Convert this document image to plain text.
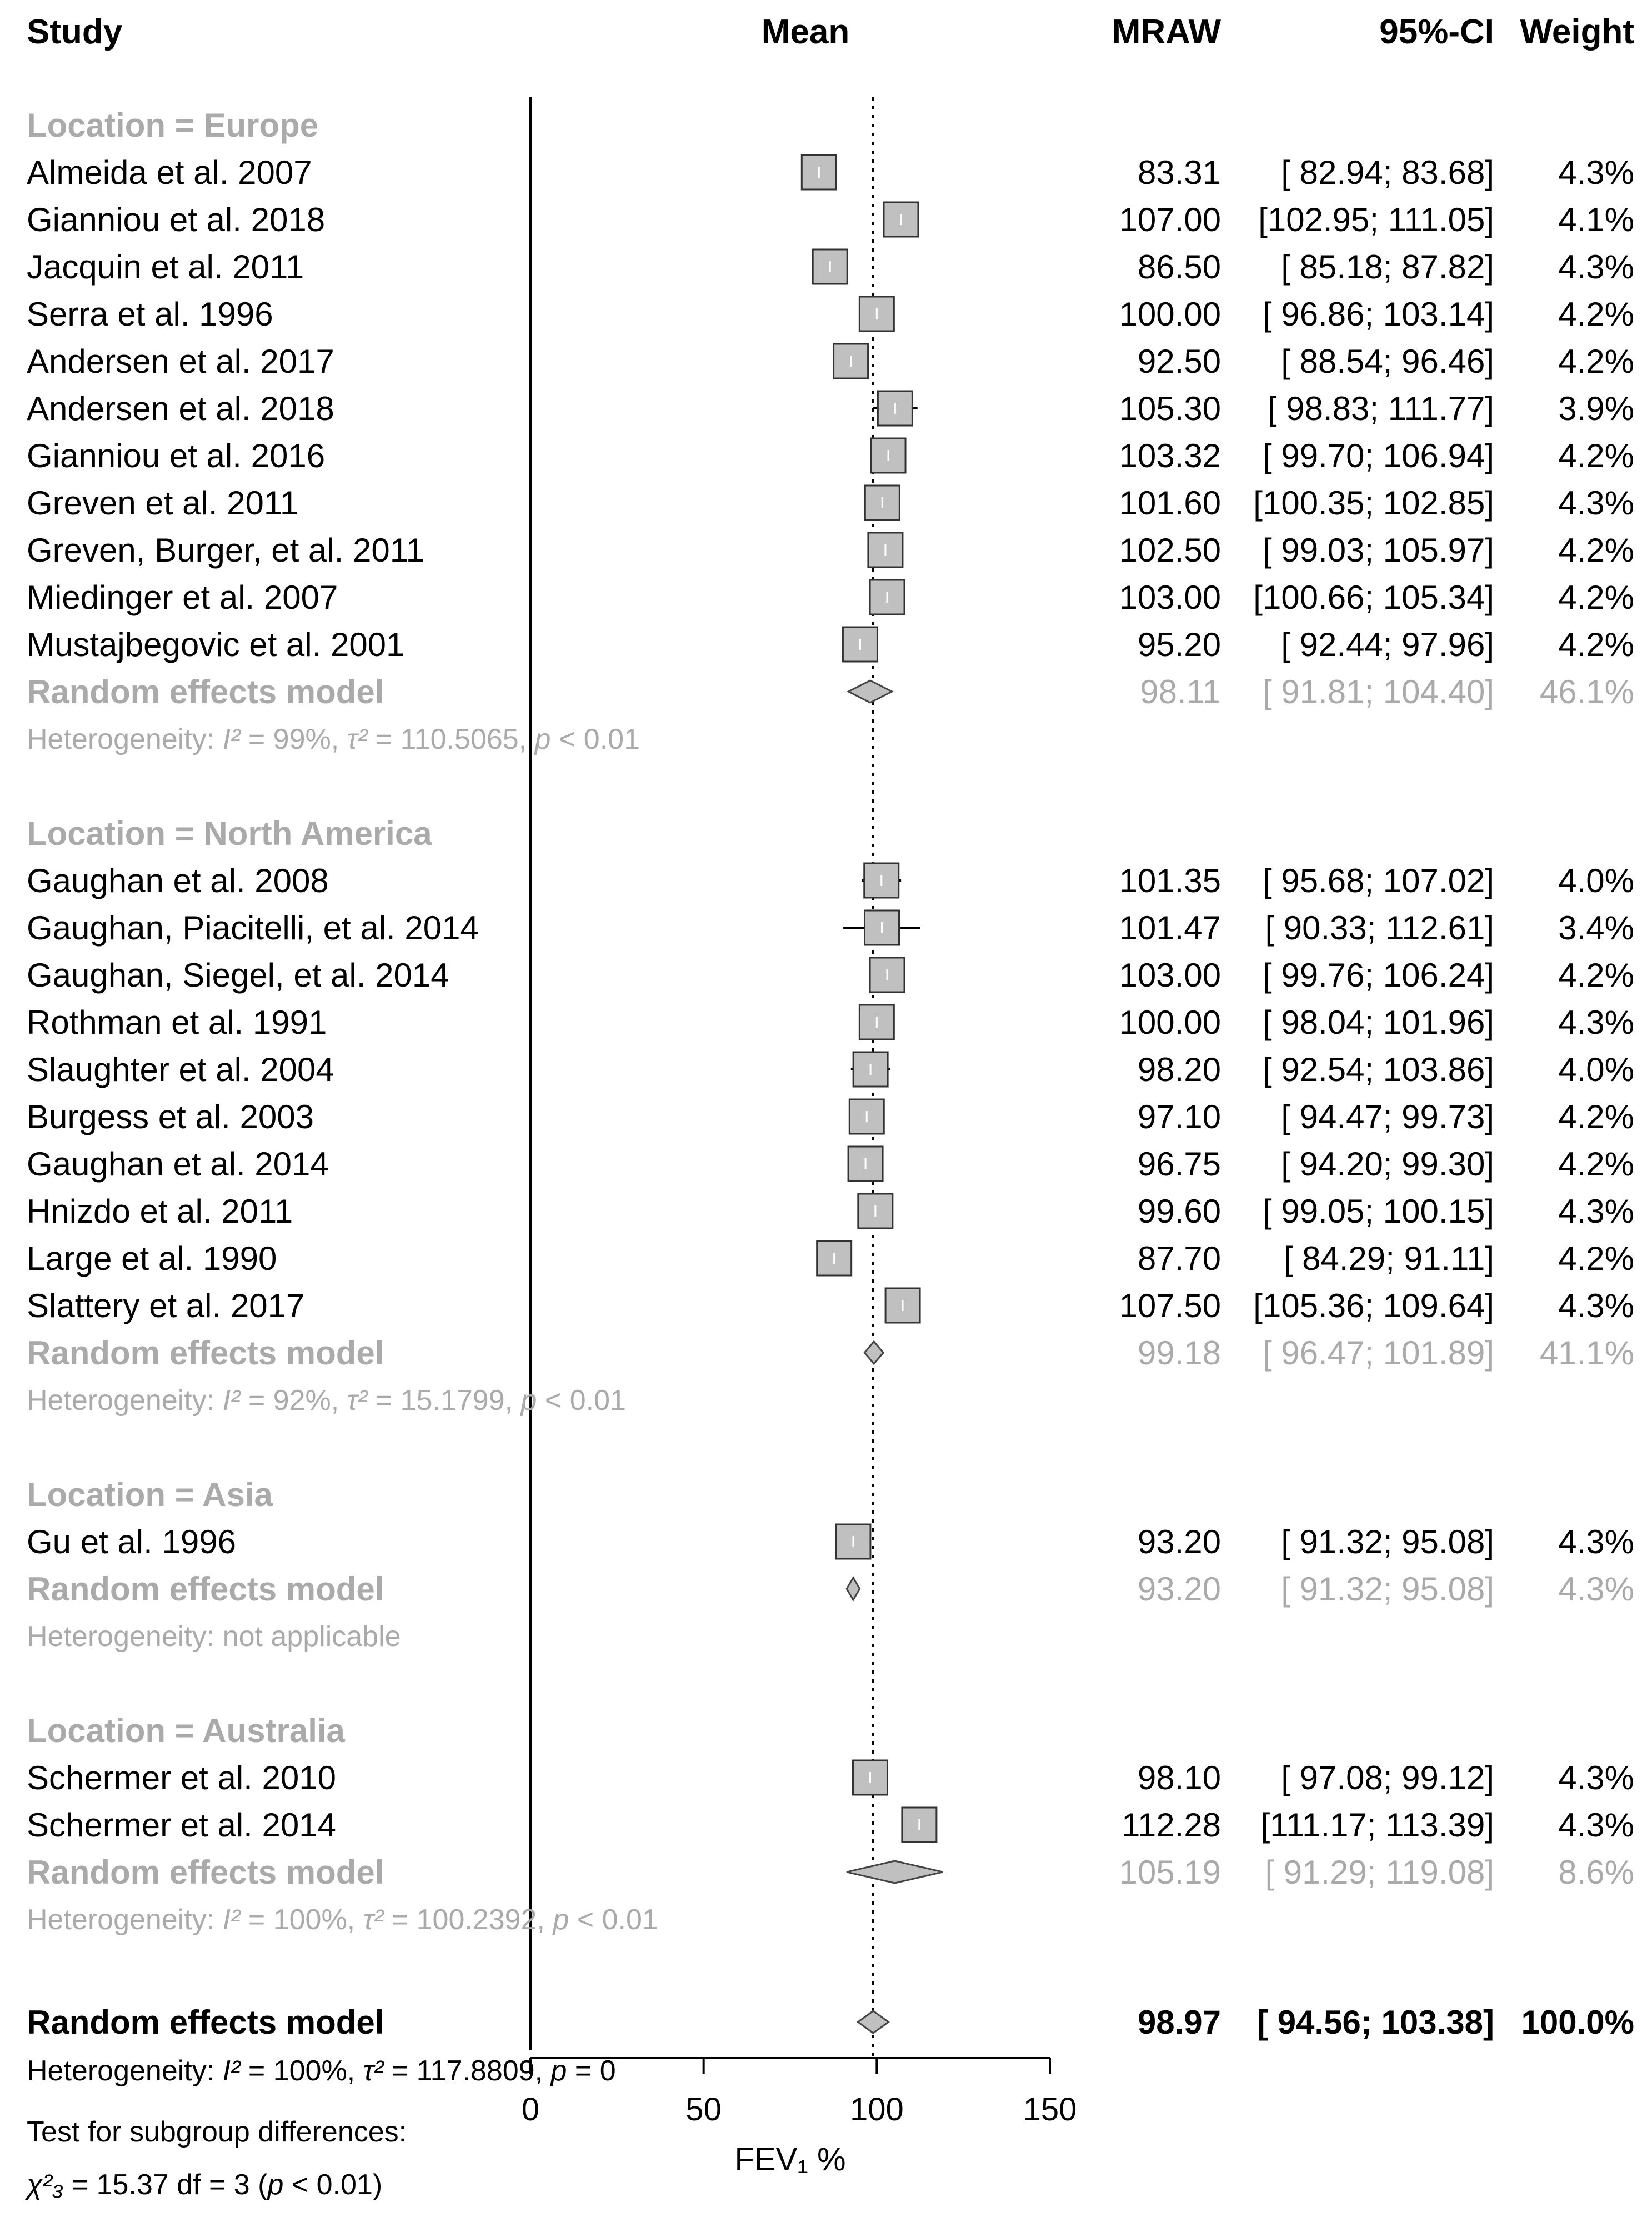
Study	Mean	MRAW	95%-CI Weight
0	50	100	150
FEV₁ %
Location = Europe
Almeida et al. 2007	83.31 [ 82.94; 83.68] 4.3%
Gianniou et al. 2018	107.00 [102.95; 111.05] 4.1%
Jacquin et al. 2011	86.50 [ 85.18; 87.82] 4.3%
Serra et al. 1996	100.00 [ 96.86; 103.14] 4.2%
Andersen et al. 2017	92.50 [ 88.54; 96.46] 4.2%
Andersen et al. 2018	105.30 [ 98.83; 111.77] 3.9%
Gianniou et al. 2016	103.32 [ 99.70; 106.94] 4.2%
Greven et al. 2011	101.60 [100.35; 102.85] 4.3%
Greven, Burger, et al. 2011	102.50 [ 99.03; 105.97] 4.2%
Miedinger et al. 2007	103.00 [100.66; 105.34] 4.2%
Mustajbegovic et al. 2001	95.20 [ 92.44; 97.96] 4.2%
Random effects model	98.11 [ 91.81; 104.40] 46.1%
Heterogeneity: I² = 99%, τ² = 110.5065, p < 0.01
Location = North America
Gaughan et al. 2008	101.35 [ 95.68; 107.02] 4.0%
Gaughan, Piacitelli, et al. 2014	101.47 [ 90.33; 112.61] 3.4%
Gaughan, Siegel, et al. 2014	103.00 [ 99.76; 106.24] 4.2%
Rothman et al. 1991	100.00 [ 98.04; 101.96] 4.3%
Slaughter et al. 2004	98.20 [ 92.54; 103.86] 4.0%
Burgess et al. 2003	97.10 [ 94.47; 99.73] 4.2%
Gaughan et al. 2014	96.75 [ 94.20; 99.30] 4.2%
Hnizdo et al. 2011	99.60 [ 99.05; 100.15] 4.3%
Large et al. 1990	87.70 [ 84.29; 91.11] 4.2%
Slattery et al. 2017	107.50 [105.36; 109.64] 4.3%
Random effects model	99.18 [ 96.47; 101.89] 41.1%
Heterogeneity: I² = 92%, τ² = 15.1799, p < 0.01
Location = Asia
Gu et al. 1996	93.20 [ 91.32; 95.08] 4.3%
Random effects model	93.20 [ 91.32; 95.08] 4.3%
Heterogeneity: not applicable
Location = Australia
Schermer et al. 2010	98.10 [ 97.08; 99.12] 4.3%
Schermer et al. 2014	112.28 [111.17; 113.39] 4.3%
Random effects model	105.19 [ 91.29; 119.08] 8.6%
Heterogeneity: I² = 100%, τ² = 100.2392, p < 0.01
Random effects model	98.97 [ 94.56; 103.38] 100.0%
Heterogeneity: I² = 100%, τ² = 117.8809, p = 0
Test for subgroup differences:
χ²₃ = 15.37 df = 3 (p < 0.01)
